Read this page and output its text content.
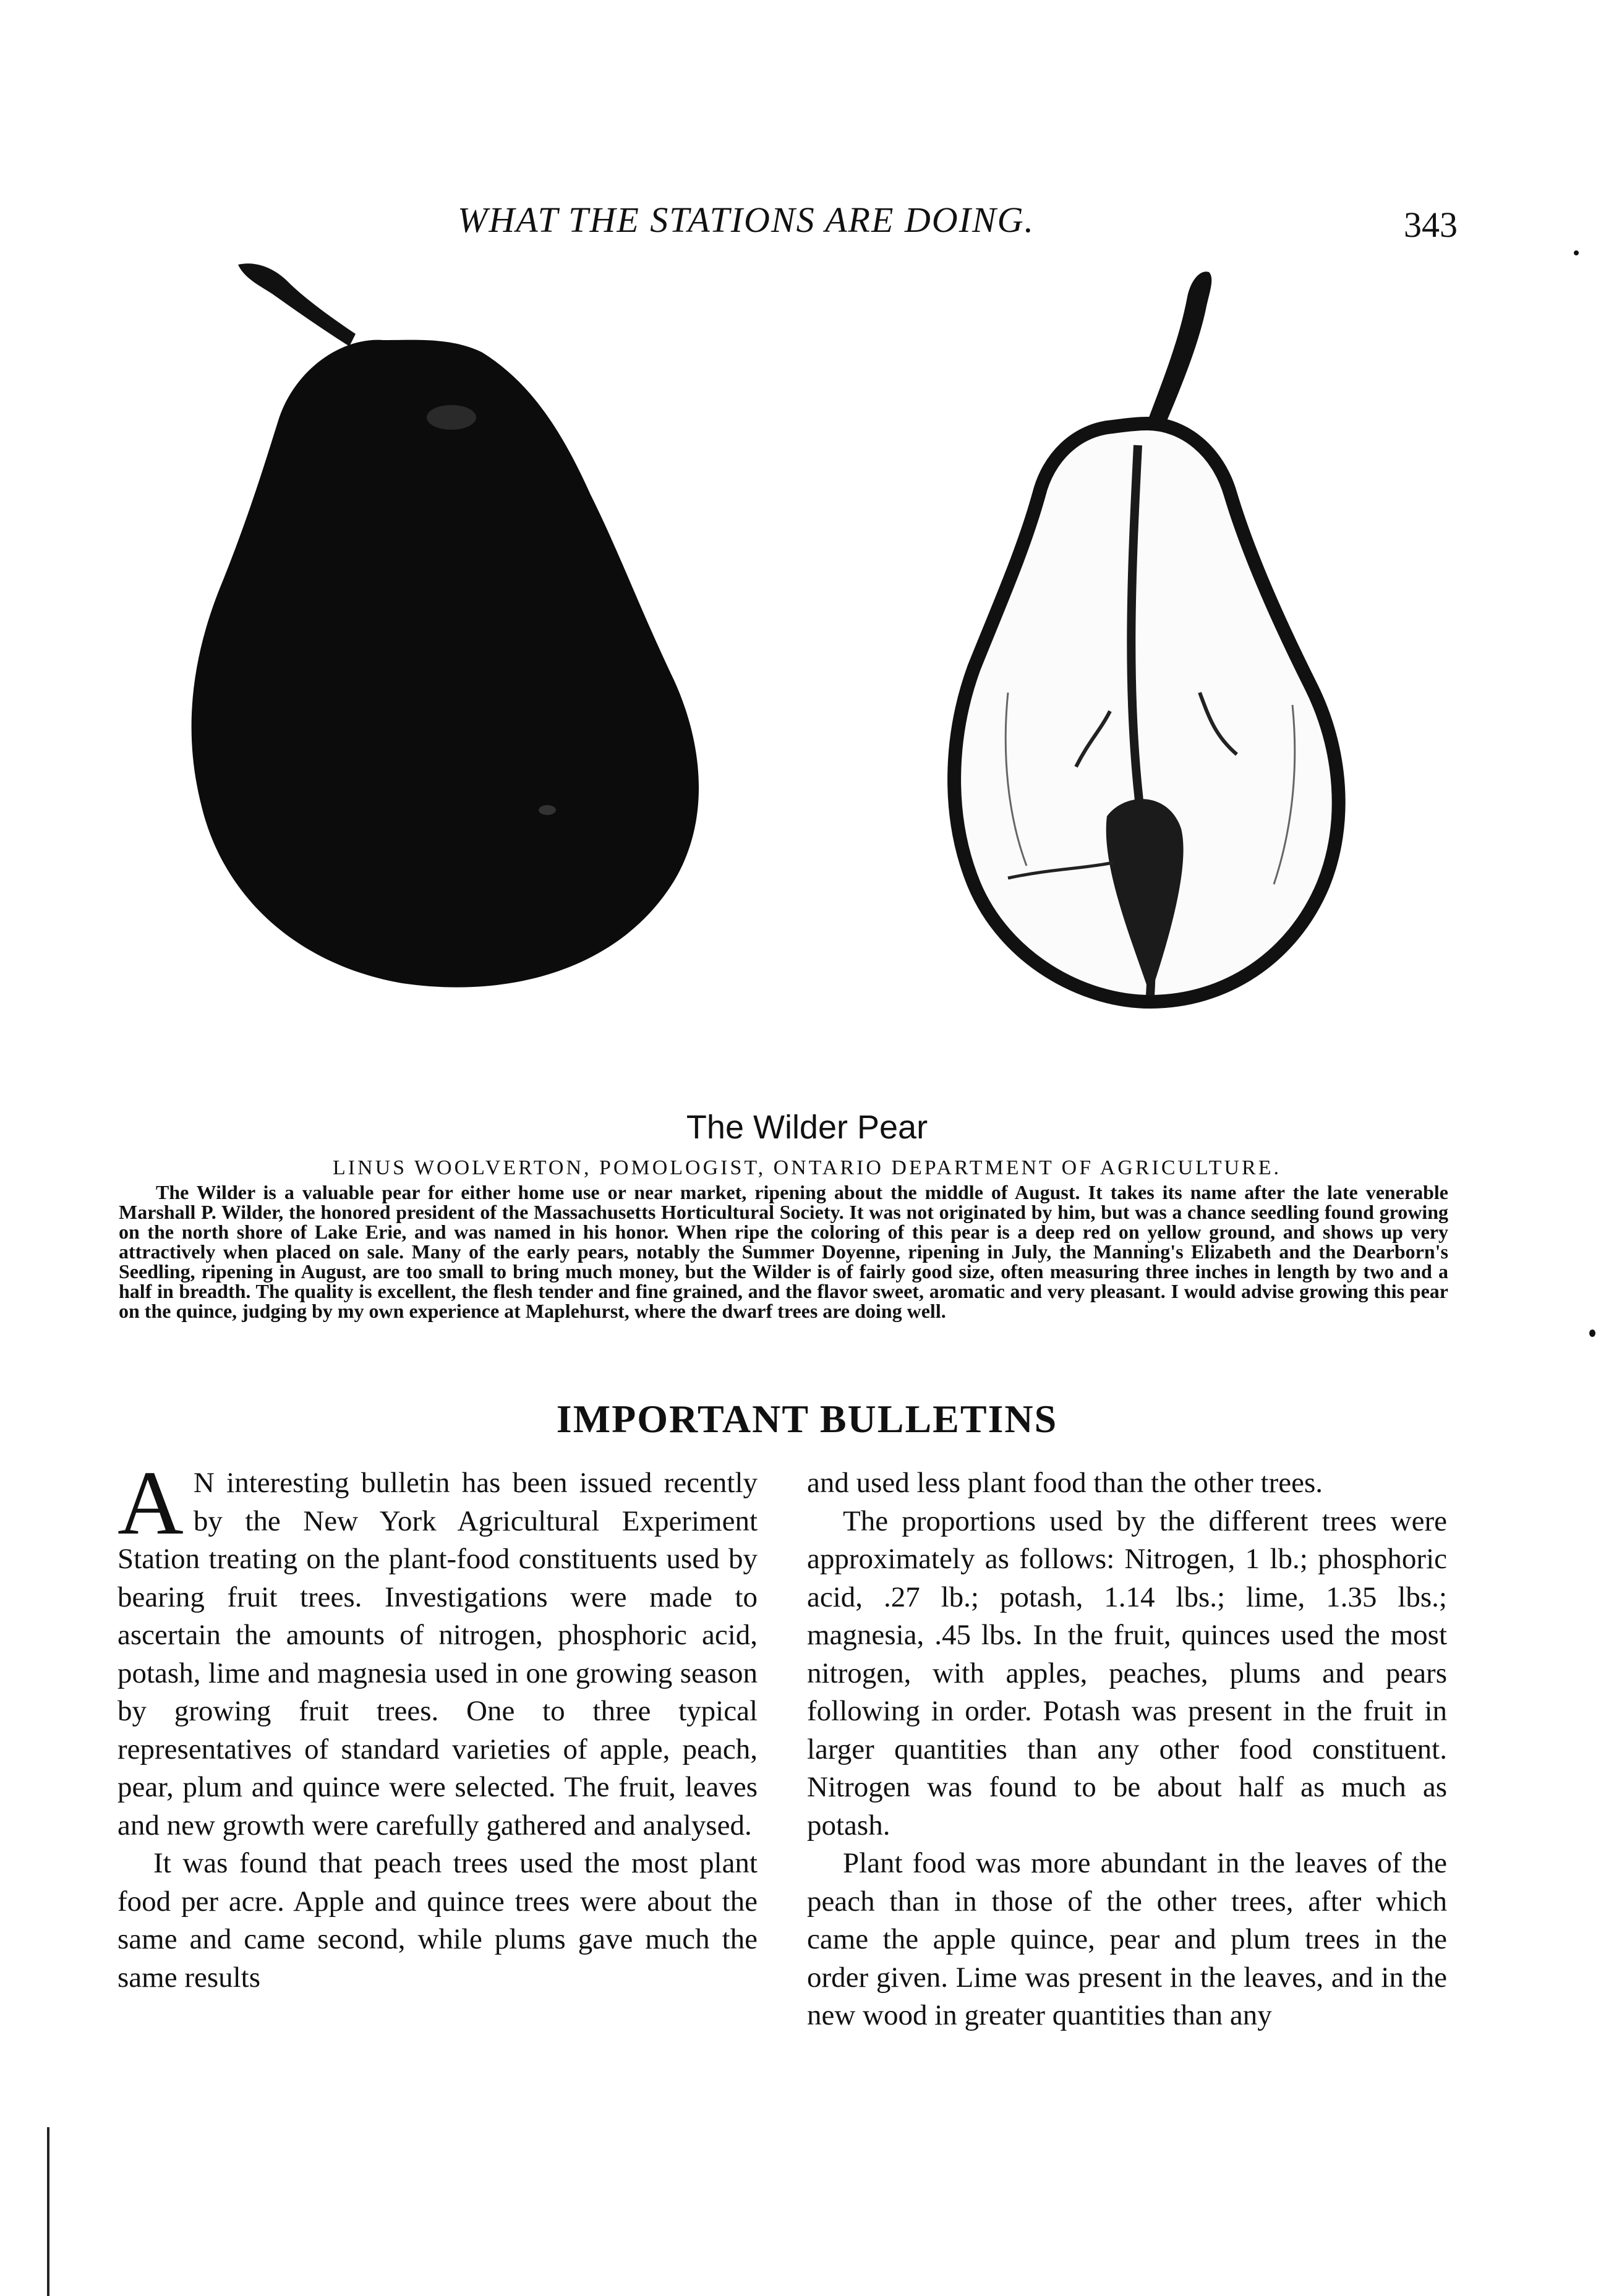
WHAT THE STATIONS ARE DOING.	343
The Wilder Pear
LINUS WOOLVERTON, POMOLOGIST, ONTARIO DEPARTMENT OF AGRICULTURE.

The Wilder is a valuable pear for either home use or near market, ripening about the middle of August. It takes its name after the late venerable Marshall P. Wilder, the honored president of the Massachusetts Horticultural Society. It was not originated by him, but was a chance seedling found growing on the north shore of Lake Erie, and was named in his honor. When ripe the coloring of this pear is a deep red on yellow ground, and shows up very attractively when placed on sale. Many of the early pears, notably the Summer Doyenne, ripening in July, the Manning's Elizabeth and the Dearborn's Seedling, ripening in August, are too small to bring much money, but the Wilder is of fairly good size, often measuring three inches in length by two and a half in breadth. The quality is excellent, the flesh tender and fine grained, and the flavor sweet, aromatic and very pleasant. I would advise growing this pear on the quince, judging by my own experience at Maplehurst, where the dwarf trees are doing well.

IMPORTANT BULLETINS

A N interesting bulletin has been issued recently by the New York Agricultural Experiment Station treating on the plant-food constituents used by bearing fruit trees. Investigations were made to ascertain the amounts of nitrogen, phosphoric acid, potash, lime and magnesia used in one growing season by growing fruit trees. One to three typical representatives of standard varieties of apple, peach, pear, plum and quince were selected. The fruit, leaves and new growth were carefully gathered and analysed.

It was found that peach trees used the most plant food per acre. Apple and quince trees were about the same and came second, while plums gave much the same results

and used less plant food than the other trees.

The proportions used by the different trees were approximately as follows: Nitrogen, 1 lb.; phosphoric acid, .27 lb.; potash, 1.14 lbs.; lime, 1.35 lbs.; magnesia, .45 lbs. In the fruit, quinces used the most nitrogen, with apples, peaches, plums and pears following in order. Potash was present in the fruit in larger quantities than any other food constituent. Nitrogen was found to be about half as much as potash.

Plant food was more abundant in the leaves of the peach than in those of the other trees, after which came the apple quince, pear and plum trees in the order given. Lime was present in the leaves, and in the new wood in greater quantities than any
